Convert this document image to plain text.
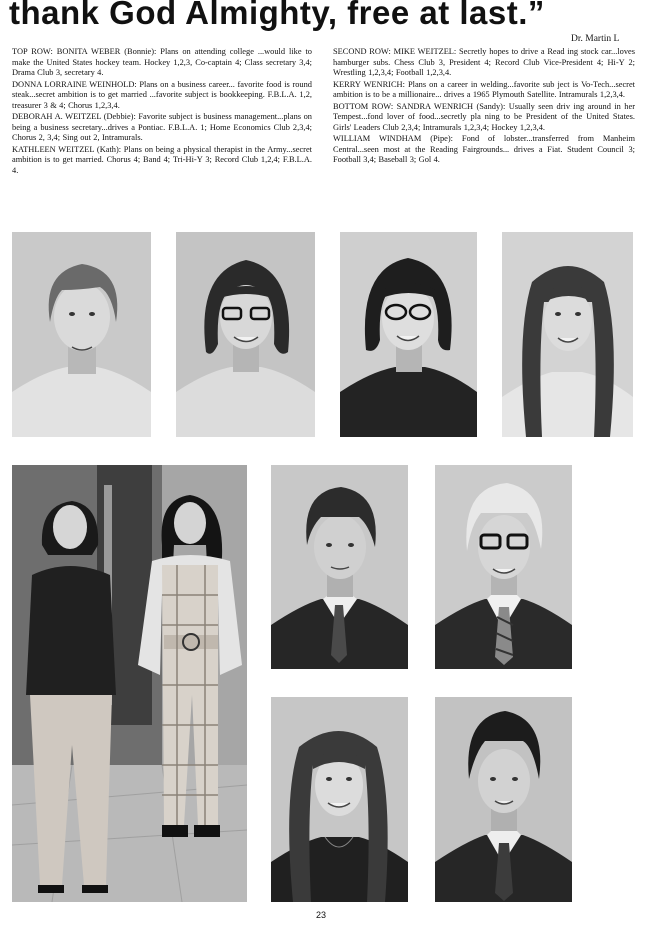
thank God Almighty, free at last.”
Dr. Martin L

TOP ROW: BONITA WEBER (Bonnie): Plans on attending college ...would like to make the United States hockey team. Hockey 1,2,3, Co-captain 4; Class secretary 3,4; Drama Club 3, secretary 4.

DONNA LORRAINE WEINHOLD: Plans on a business career... favorite food is round steak...secret ambition is to get married ...favorite subject is bookkeeping. F.B.L.A. 1,2, treasurer 3 & 4; Chorus 1,2,3,4.

DEBORAH A. WEITZEL (Debbie): Favorite subject is business management...plans on being a business secretary...drives a Pontiac. F.B.L.A. 1; Home Economics Club 2,3,4; Chorus 2, 3,4; Sing out 2, Intramurals.

KATHLEEN WEITZEL (Kath): Plans on being a physical therapist in the Army...secret ambition is to get married. Chorus 4; Band 4; Tri-Hi-Y 3; Record Club 1,2,4; F.B.L.A. 4.

SECOND ROW: MIKE WEITZEL: Secretly hopes to drive a Read ing stock car...loves hamburger subs. Chess Club 3, President 4; Record Club Vice-President 4; Hi-Y 2; Wrestling 1,2,3,4; Football 1,2,3,4.

KERRY WENRICH: Plans on a career in welding...favorite sub ject is Vo-Tech...secret ambition is to be a millionaire... drives a 1965 Plymouth Satellite. Intramurals 1,2,3,4.

BOTTOM ROW: SANDRA WENRICH (Sandy): Usually seen driv ing around in her Tempest...fond lover of food...secretly pla ning to be President of the United States. Girls' Leaders Club 2,3,4; Intramurals 1,2,3,4; Hockey 1,2,3,4.

WILLIAM WINDHAM (Pipe): Fond of lobster...transferred from Manheim Central...seen most at the Reading Fairgrounds... drives a Fiat. Student Council 3; Football 3,4; Baseball 3; Gol 4.

23
